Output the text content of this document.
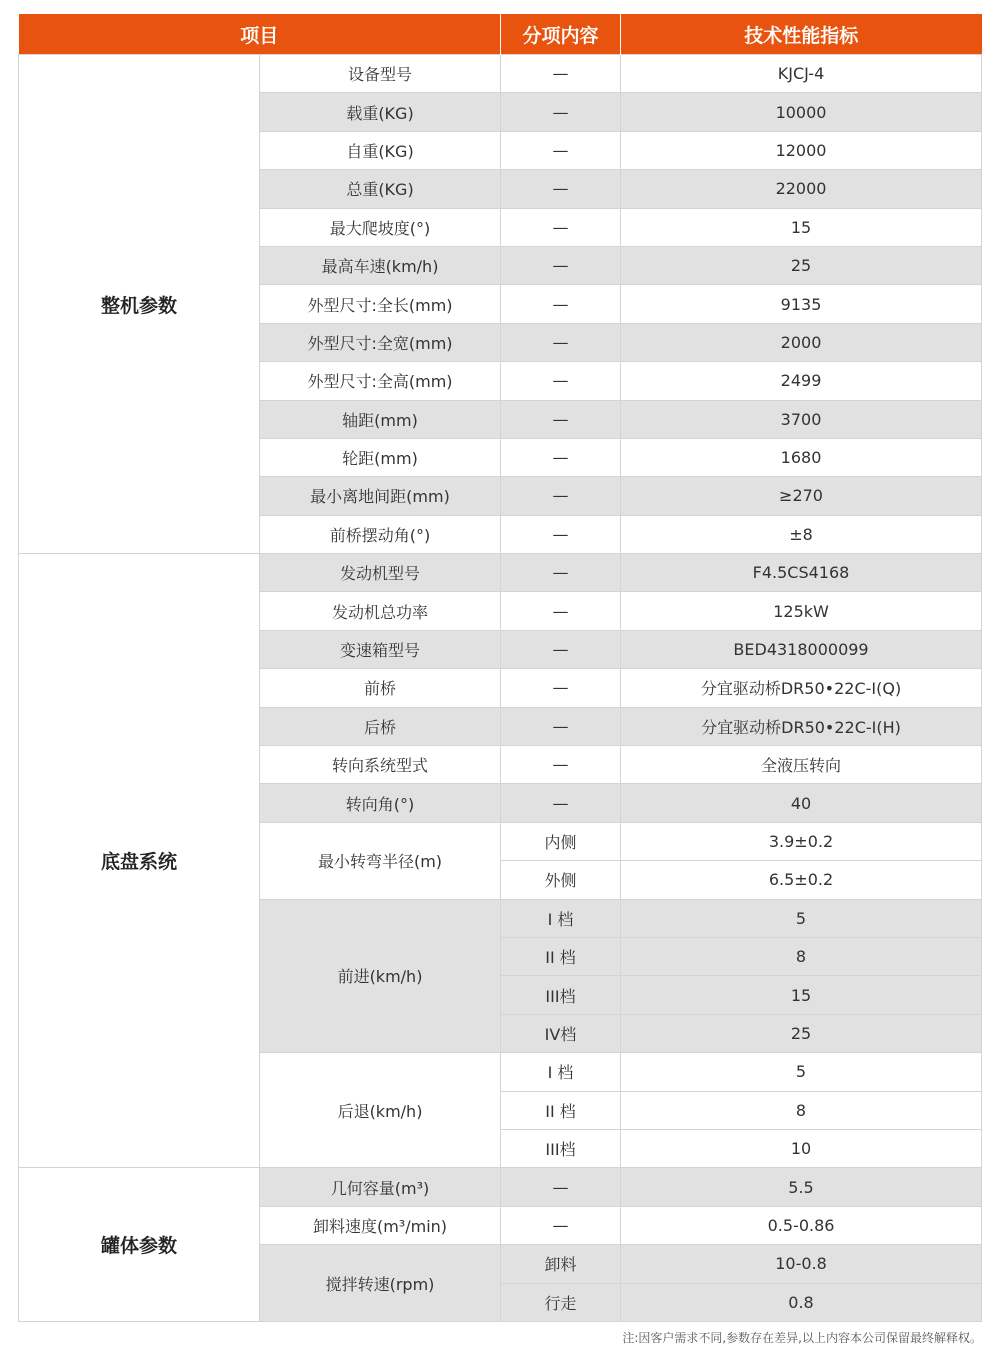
项目		分项内容	技术性能指标
整机参数	设备型号	—	KJCJ-4
	载重(KG)	—	10000
	自重(KG)	—	12000
	总重(KG)	—	22000
	最大爬坡度(°)	—	15
	最高车速(km/h)	—	25
	外型尺寸:全长(mm)	—	9135
	外型尺寸:全宽(mm)	—	2000
	外型尺寸:全高(mm)	—	2499
	轴距(mm)	—	3700
	轮距(mm)	—	1680
	最小离地间距(mm)	—	≥270
	前桥摆动角(°)	—	±8
底盘系统	发动机型号	—	F4.5CS4168
	发动机总功率	—	125kW
	变速箱型号	—	BED4318000099
	前桥	—	分宜驱动桥DR50•22C-I(Q)
	后桥	—	分宜驱动桥DR50•22C-I(H)
	转向系统型式	—	全液压转向
	转向角(°)	—	40
	最小转弯半径(m)	内侧	3.9±0.2
		外侧	6.5±0.2
	前进(km/h)	I 档	5
		II 档	8
		III档	15
		IV档	25
	后退(km/h)	I 档	5
		II 档	8
		III档	10
罐体参数	几何容量(m³)	—	5.5
	卸料速度(m³/min)	—	0.5-0.86
	搅拌转速(rpm)	卸料	10-0.8
		行走	0.8
注:因客户需求不同,参数存在差异,以上内容本公司保留最终解释权。
